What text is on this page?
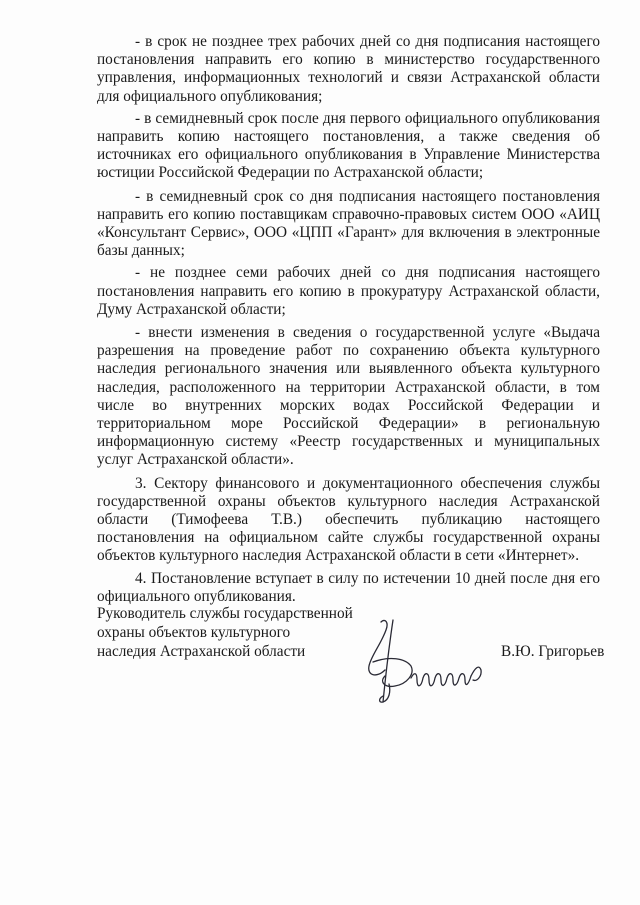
- в срок не позднее трех рабочих дней со дня подписания настоящего постановления направить его копию в министерство государственного управления, информационных технологий и связи Астраханской области для официального опубликования;

- в семидневный срок после дня первого официального опубликования направить копию настоящего постановления, а также сведения об источниках его официального опубликования в Управление Министерства юстиции Российской Федерации по Астраханской области;

- в семидневный срок со дня подписания настоящего постановления направить его копию поставщикам справочно-правовых систем ООО «АИЦ «Консультант Сервис», ООО «ЦПП «Гарант» для включения в электронные базы данных;

- не позднее семи рабочих дней со дня подписания настоящего постановления направить его копию в прокуратуру Астраханской области, Думу Астраханской области;

- внести изменения в сведения о государственной услуге «Выдача разрешения на проведение работ по сохранению объекта культурного наследия регионального значения или выявленного объекта культурного наследия, расположенного на территории Астраханской области, в том числе во внутренних морских водах Российской Федерации и территориальном море Российской Федерации» в региональную информационную систему «Реестр государственных и муниципальных услуг Астраханской области».

3. Сектору финансового и документационного обеспечения службы государственной охраны объектов культурного наследия Астраханской области (Тимофеева Т.В.) обеспечить публикацию настоящего постановления на официальном сайте службы государственной охраны объектов культурного наследия Астраханской области в сети «Интернет».

4. Постановление вступает в силу по истечении 10 дней после дня его официального опубликования.

Руководитель службы государственной
охраны объектов культурного
наследия Астраханской области	В.Ю. Григорьев
